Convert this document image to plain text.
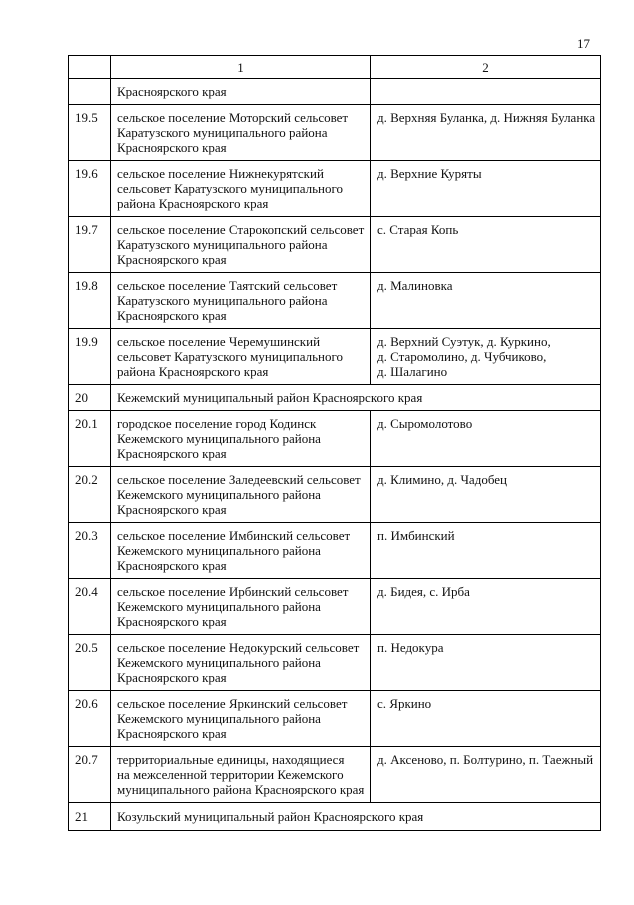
17
	1	2

	Красноярского края	

19.5	сельское поселение Моторский сельсовет
Каратузского муниципального района
Красноярского края	д. Верхняя Буланка, д. Нижняя Буланка

19.6	сельское поселение Нижнекурятский
сельсовет Каратузского муниципального
района Красноярского края	д. Верхние Куряты

19.7	сельское поселение Старокопский сельсовет
Каратузского муниципального района
Красноярского края	с. Старая Копь

19.8	сельское поселение Таятский сельсовет
Каратузского муниципального района
Красноярского края	д. Малиновка

19.9	сельское поселение Черемушинский
сельсовет Каратузского муниципального
района Красноярского края	д. Верхний Суэтук, д. Куркино,
д. Старомолино, д. Чубчиково,
д. Шалагино

20	Кежемский муниципальный район Красноярского края	
20.1	городское поселение город Кодинск
Кежемского муниципального района
Красноярского края	д. Сыромолотово

20.2	сельское поселение Заледеевский сельсовет
Кежемского муниципального района
Красноярского края	д. Климино, д. Чадобец

20.3	сельское поселение Имбинский сельсовет
Кежемского муниципального района
Красноярского края	п. Имбинский

20.4	сельское поселение Ирбинский сельсовет
Кежемского муниципального района
Красноярского края	д. Бидея, с. Ирба

20.5	сельское поселение Недокурский сельсовет
Кежемского муниципального района
Красноярского края	п. Недокура

20.6	сельское поселение Яркинский сельсовет
Кежемского муниципального района
Красноярского края	с. Яркино

20.7	территориальные единицы, находящиеся
на межселенной территории Кежемского
муниципального района Красноярского края	д. Аксеново, п. Болтурино, п. Таежный

21	Козульский муниципальный район Красноярского края	
